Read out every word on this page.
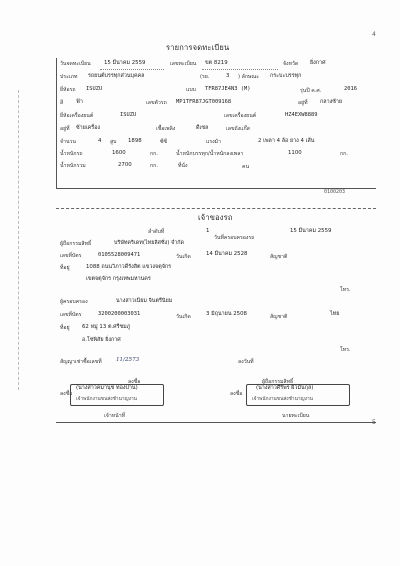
4
รายการจดทะเบียน
วันจดทะเบียน 15 มีนาคม 2559	เลขทะเบียน ขต 8219	จังหวัด ยิ่งกาศ
ประเภท รถยนต์บรรทุกส่วนบุคคล	(รย.	3 ) ลักษณะ กระบะบรรทุก
ยี่ห้อรถ ISUZU	แบบ TFR87JE4N3 (M)	รุ่นปี ค.ศ.	2016
สี ฟ้า	เลขตัวรถ MP1TFR87JGT009168	อยู่ที่ กลางซ้าย
ยี่ห้อเครื่องยนต์	ISUZU	เลขเครื่องยนต์	HZ4EXW8889
อยู่ที่ ซ้ายเครื่อง	เชื้อเพลิง	ดีเซล	เลขถังแก๊ส
จำนวน	4 สูบ 1898	ซีซี	แรงม้า	2 เพลา 4 ล้อ ยาง 4 เส้น
น้ำหนักรถ	1600	กก.	น้ำหนักบรรทุก/น้ำหนักลงเพลา	1100	กก.
น้ำหนักรวม	2700	กก.	ที่นั่ง	คน
0100203
เจ้าของรถ
ลำดับที่	1
วันที่ครอบครองรถ
15 มีนาคม 2559
ผู้ถือกรรมสิทธิ์	บริษัทคริเดท(ไทยลิสซิ่ง) จำกัด
เลขที่บัตร	0105528009471	วันเกิด	14 มีนาคม 2528	สัญชาติ
ที่อยู่	1088 ถนนวิภาวดีรังสิต แขวงจตุจักร
เขตจตุจักร กรุงเทพมหานคร
โทร.
ผู้ครอบครอง	นางสาวเนียม จินตรีนิยม
เลขที่บัตร	3200200003031	วันเกิด	3 มิถุนายน 2508	สัญชาติ	ไทย
ที่อยู่ 62 หมู่ 13 ต.ศรีชมภู
อ.โซ่พิสัย ยิ่งกาศ
โทร.
สัญญาเช่าซื้อเลขที่	11/2573	ลงวันที่
ลงชื่อ	ผู้ถือกรรมสิทธิ์
ลงชื่อ	ลงชื่อ
(นางสาวคมานุช ทองปาน)
เจ้าพนักงานขนส่งชำนาญงาน
(นางสาวศิริพร ผิวมันกุล)
เจ้าพนักงานขนส่งชำนาญงาน
เจ้าหน้าที่	นายทะเบียน
5
